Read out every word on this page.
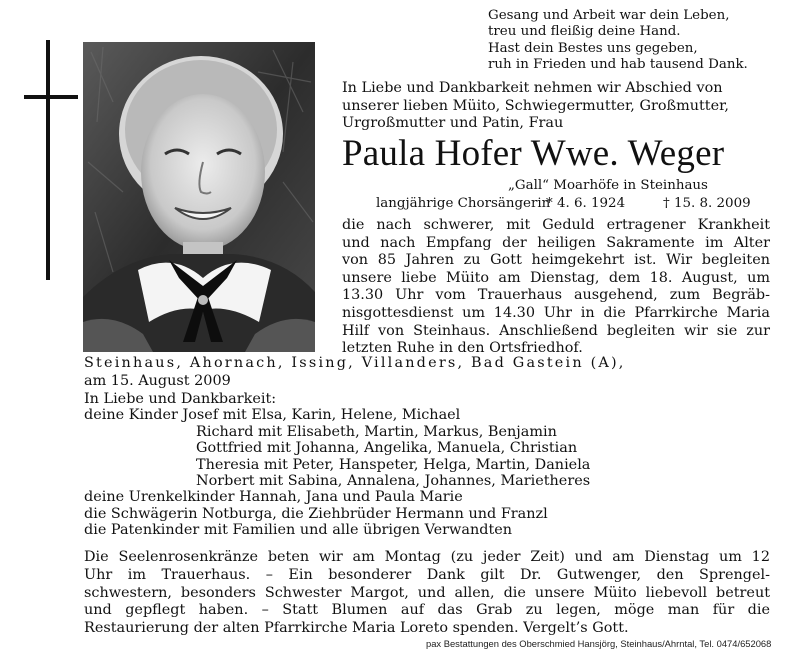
Gesang und Arbeit war dein Leben,
treu und fleißig deine Hand.
Hast dein Bestes uns gegeben,
ruh in Frieden und hab tausend Dank.
In Liebe und Dankbarkeit nehmen wir Abschied von
unserer lieben Müito, Schwiegermutter, Großmutter,
Urgroßmutter und Patin, Frau
Paula Hofer Wwe. Weger
„Gall“ Moarhöfe in Steinhaus
langjährige Chorsängerin
* 4. 6. 1924	† 15. 8. 2009
die nach schwerer, mit Geduld ertragener Krankheit
und nach Empfang der heiligen Sakramente im Alter
von 85 Jahren zu Gott heimgekehrt ist. Wir begleiten
unsere liebe Müito am Dienstag, dem 18. August, um
13.30 Uhr vom Trauerhaus ausgehend, zum Begräb-
nisgottesdienst um 14.30 Uhr in die Pfarrkirche Maria
Hilf von Steinhaus. Anschließend begleiten wir sie zur
letzten Ruhe in den Ortsfriedhof.
Steinhaus, Ahornach, Issing, Villanders, Bad Gastein (A),
am 15. August 2009
In Liebe und Dankbarkeit:
deine Kinder Josef mit Elsa, Karin, Helene, Michael
Richard mit Elisabeth, Martin, Markus, Benjamin
Gottfried mit Johanna, Angelika, Manuela, Christian
Theresia mit Peter, Hanspeter, Helga, Martin, Daniela
Norbert mit Sabina, Annalena, Johannes, Marietheres
deine Urenkelkinder Hannah, Jana und Paula Marie
die Schwägerin Notburga, die Ziehbrüder Hermann und Franzl
die Patenkinder mit Familien und alle übrigen Verwandten
Die Seelenrosenkränze beten wir am Montag (zu jeder Zeit) und am Dienstag um 12
Uhr im Trauerhaus. – Ein besonderer Dank gilt Dr. Gutwenger, den Sprengel-
schwestern, besonders Schwester Margot, und allen, die unsere Müito liebevoll betreut
und gepflegt haben. – Statt Blumen auf das Grab zu legen, möge man für die
Restaurierung der alten Pfarrkirche Maria Loreto spenden. Vergelt’s Gott.
pax Bestattungen des Oberschmied Hansjörg, Steinhaus/Ahrntal, Tel. 0474/652068
